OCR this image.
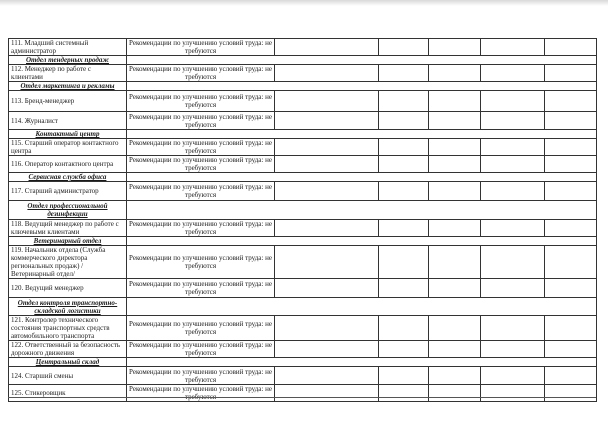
111. Младший системный администратор	Рекомендации по улучшению условий труда: не требуются					
Отдел тендерных продаж						
112. Менеджер по работе с клиентами	Рекомендации по улучшению условий труда: не требуются					
Отдел маркетинга и рекламы						
113. Бренд-менеджер	Рекомендации по улучшению условий труда: не требуются					
114. Журналист	Рекомендации по улучшению условий труда: не требуются					
Контактный центр						
115. Старший оператор контактного центра	Рекомендации по улучшению условий труда: не требуются					
116. Оператор контактного центра	Рекомендации по улучшению условий труда: не требуются					
Сервисная служба офиса						
117. Старший администратор	Рекомендации по улучшению условий труда: не требуются					
Отдел профессиональной дезинфекции						
118. Ведущий менеджер по работе с ключевыми клиентами	Рекомендации по улучшению условий труда: не требуются					
Ветеринарный отдел						
119. Начальник отдела (Служба коммерческого директора региональных продаж) /Ветеринарный отдел/	Рекомендации по улучшению условий труда: не требуются					
120. Ведущий менеджер	Рекомендации по улучшению условий труда: не требуются					
Отдел контроля транспортно-складской логистики						
121. Контролер технического состояния транспортных средств автомобильного транспорта	Рекомендации по улучшению условий труда: не требуются					
122. Ответственный за безопасность дорожного движения	Рекомендации по улучшению условий труда: не требуются					
Центральный склад						
124. Старший смены	Рекомендации по улучшению условий труда: не требуются					
125. Стикеровщик	Рекомендации по улучшению условий труда: не требуются					
